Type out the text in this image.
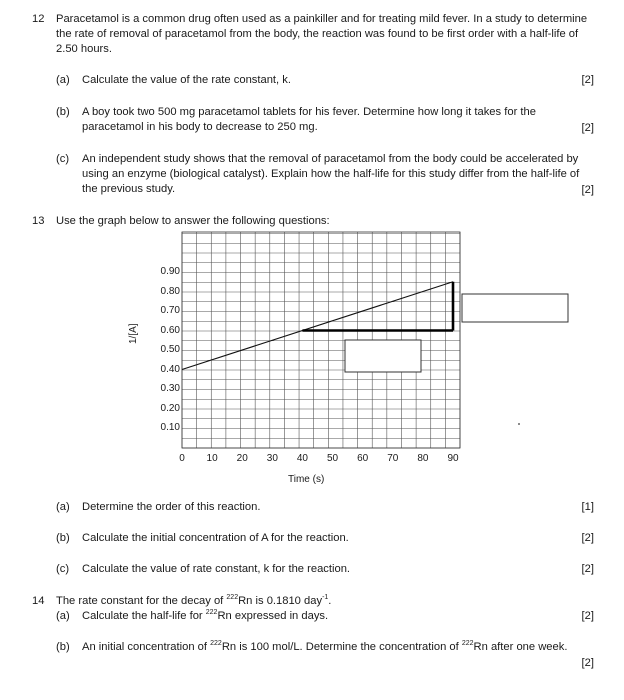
12 Paracetamol is a common drug often used as a painkiller and for treating mild fever. In a study to determine the rate of removal of paracetamol from the body, the reaction was found to be first order with a half-life of 2.50 hours.
(a) Calculate the value of the rate constant, k.	[2]
(b) A boy took two 500 mg paracetamol tablets for his fever. Determine how long it takes for the paracetamol in his body to decrease to 250 mg.	[2]
(c) An independent study shows that the removal of paracetamol from the body could be accelerated by using an enzyme (biological catalyst). Explain how the half-life for this study differ from the half-life of the previous study.	[2]
13 Use the graph below to answer the following questions:
1/[A]
Time (s)
0.90
0.80
0.70
0.60
0.50
0.40
0.30
0.20
0.10
0	10	20	30	40	50	60	70	80	90
(a) Determine the order of this reaction.	[1]
(b) Calculate the initial concentration of A for the reaction.	[2]
(c) Calculate the value of rate constant, k for the reaction.	[2]
14 The rate constant for the decay of $^{222}$Rn is 0.1810 day$^{-1}$.
(a) Calculate the half-life for $^{222}$Rn expressed in days.	[2]
(b) An initial concentration of $^{222}$Rn is 100 mol/L. Determine the concentration of $^{222}$Rn after one week.
[2]
